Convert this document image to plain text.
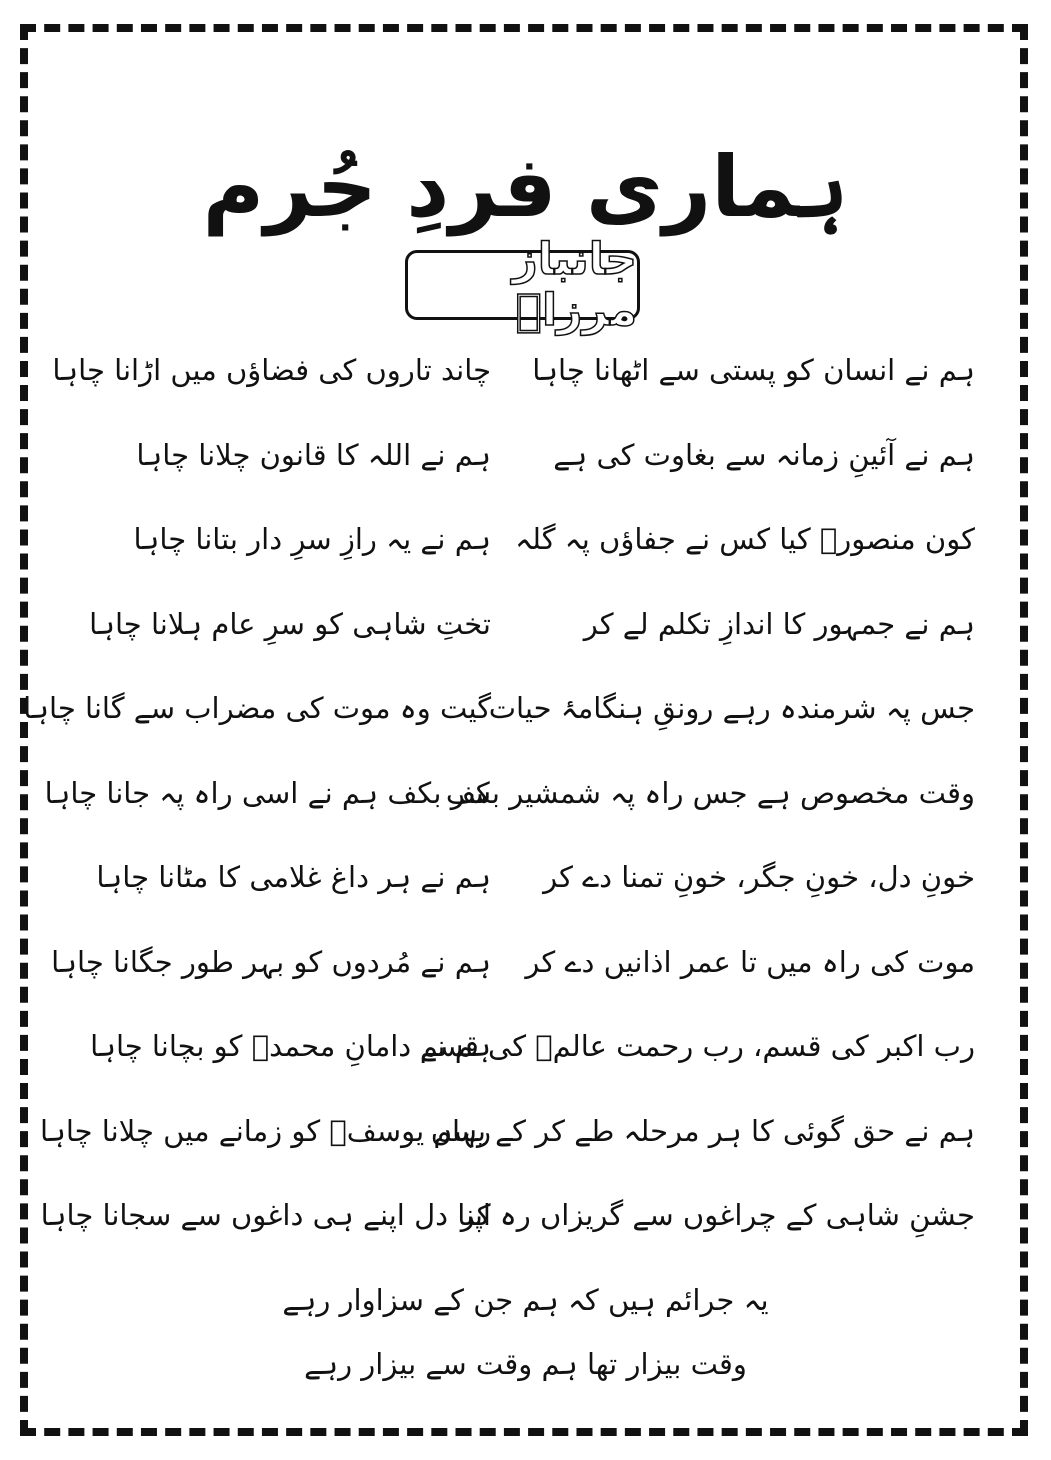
ہماری فردِ جُرم
جانباز مرزاؔ
ہم نے انسان کو پستی سے اٹھانا چاہا
چاند تاروں کی فضاؤں میں اڑانا چاہا
ہم نے آئینِ زمانہ سے بغاوت کی ہے
ہم نے اللہ کا قانون چلانا چاہا
کون منصورؒ کیا کس نے جفاؤں پہ گلہ
ہم نے یہ رازِ سرِ دار بتانا چاہا
ہم نے جمہور کا اندازِ تکلم لے کر
تختِ شاہی کو سرِ عام ہلانا چاہا
جس پہ شرمندہ رہے رونقِ ہنگامۂ حیات
گیت وہ موت کی مضراب سے گانا چاہا
وقت مخصوص ہے جس راہ پہ شمشیر بکف
سر بکف ہم نے اسی راہ پہ جانا چاہا
خونِ دل، خونِ جگر، خونِ تمنا دے کر
ہم نے ہر داغ غلامی کا مٹانا چاہا
موت کی راہ میں تا عمر اذانیں دے کر
ہم نے مُردوں کو بہر طور جگانا چاہا
رب اکبر کی قسم، رب رحمت عالمؐ کی قسم
ہم نے دامانِ محمدؐ کو بچانا چاہا
ہم نے حق گوئی کا ہر مرحلہ طے کر کے یہاں
رسم یوسفؑ کو زمانے میں چلانا چاہا
جشنِ شاہی کے چراغوں سے گریزاں رہ کر
اپنا دل اپنے ہی داغوں سے سجانا چاہا
یہ جرائم ہیں کہ ہم جن کے سزاوار رہے
وقت بیزار تھا ہم وقت سے بیزار رہے
